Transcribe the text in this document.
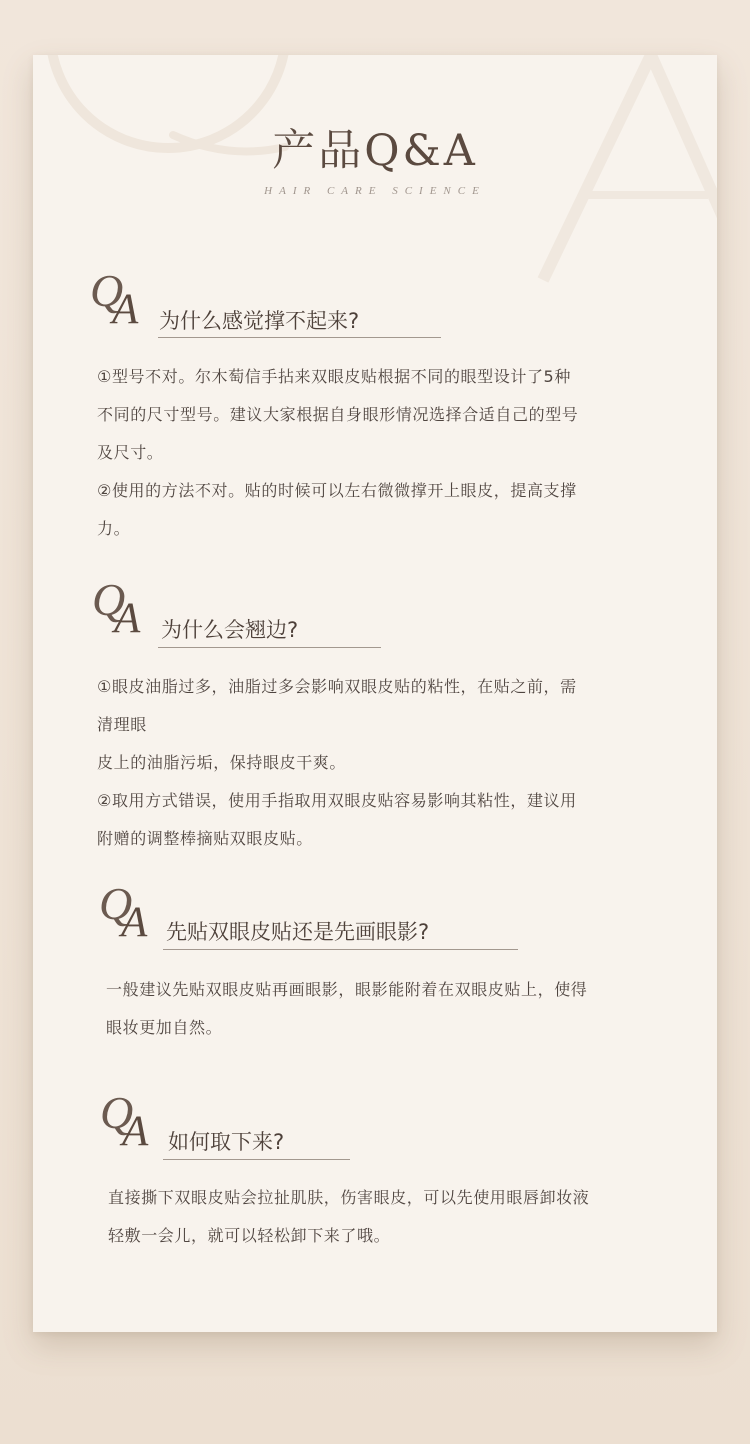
产品Q&A
HAIR CARE SCIENCE
Q
A 为什么感觉撑不起来?
①型号不对。尔木萄信手拈来双眼皮贴根据不同的眼型设计了5种
不同的尺寸型号。建议大家根据自身眼形情况选择合适自己的型号
及尺寸。
②使用的方法不对。贴的时候可以左右微微撑开上眼皮，提高支撑
力。
Q
A 为什么会翘边?
①眼皮油脂过多，油脂过多会影响双眼皮贴的粘性，在贴之前，需
清理眼
皮上的油脂污垢，保持眼皮干爽。
②取用方式错误，使用手指取用双眼皮贴容易影响其粘性，建议用
附赠的调整棒摘贴双眼皮贴。
Q
A 先贴双眼皮贴还是先画眼影?
一般建议先贴双眼皮贴再画眼影，眼影能附着在双眼皮贴上，使得
眼妆更加自然。
Q
A 如何取下来?
直接撕下双眼皮贴会拉扯肌肤，伤害眼皮，可以先使用眼唇卸妆液
轻敷一会儿，就可以轻松卸下来了哦。
